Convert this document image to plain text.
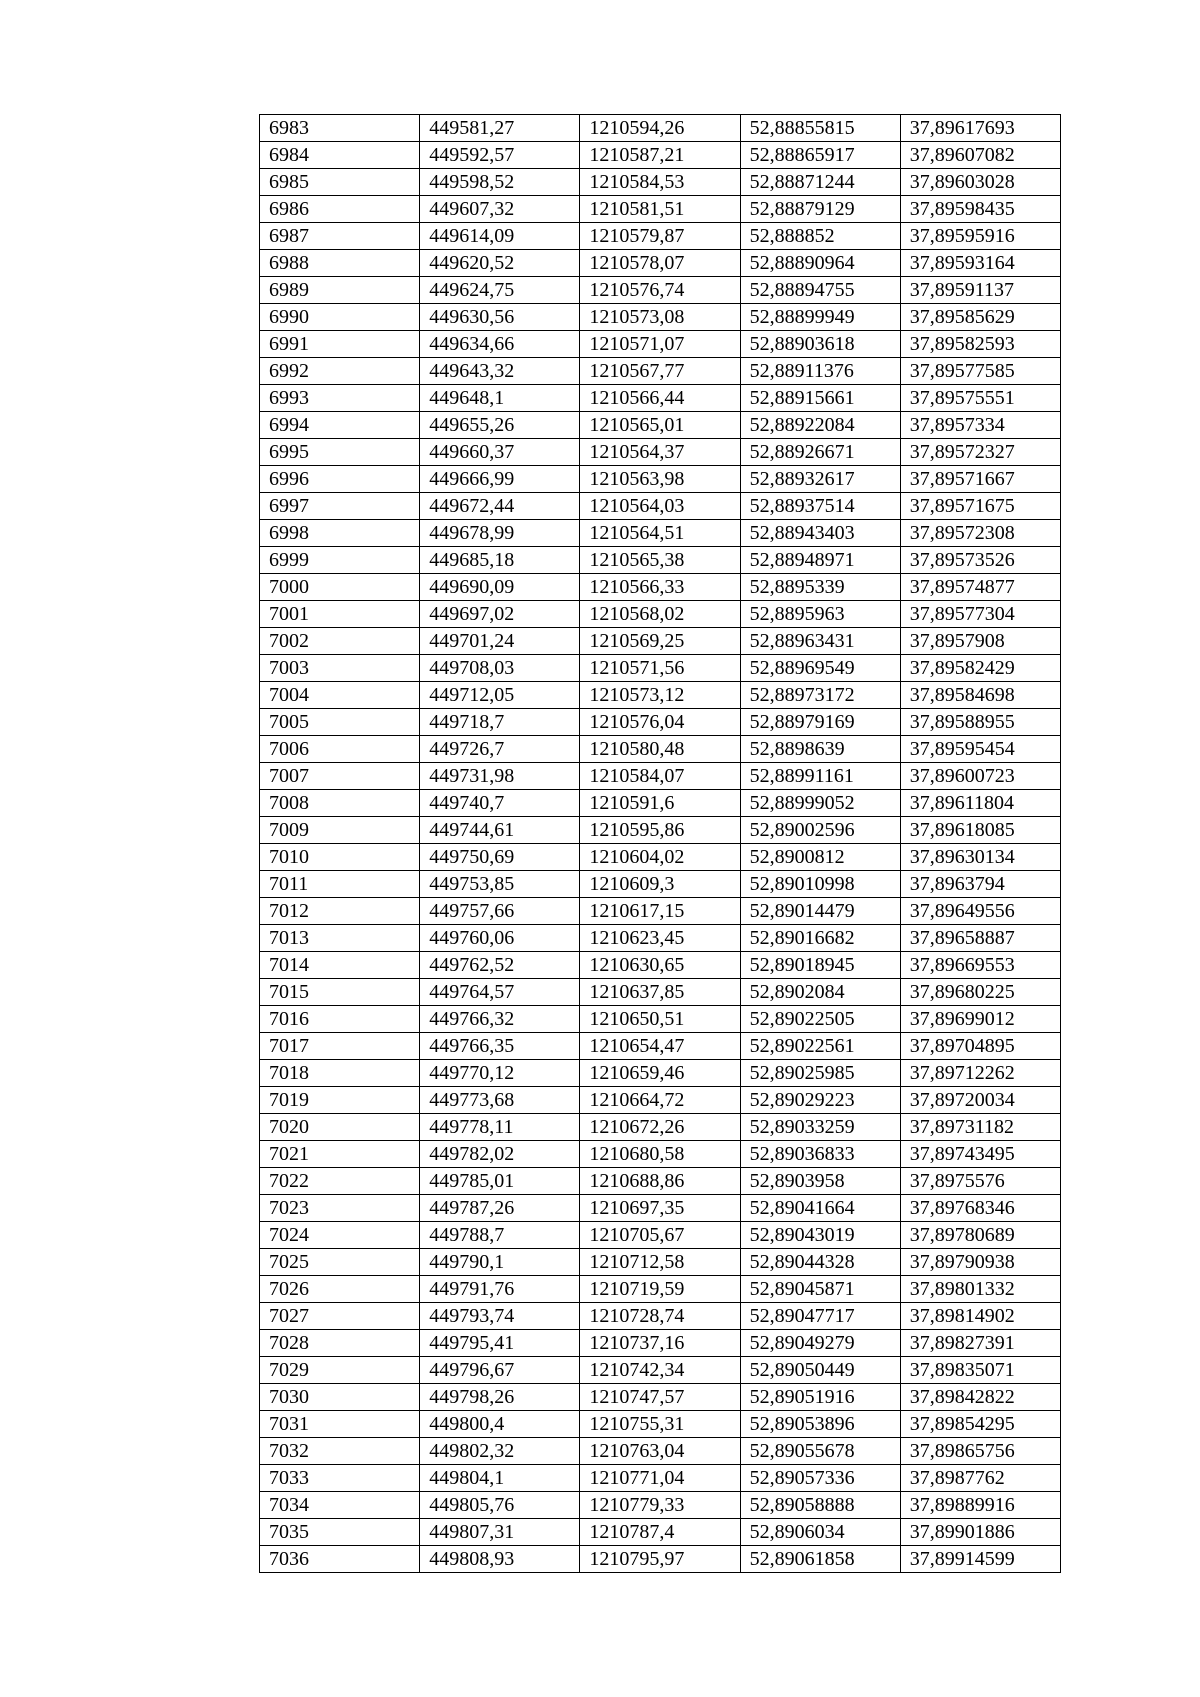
6983	449581,27	1210594,26	52,88855815	37,89617693
6984	449592,57	1210587,21	52,88865917	37,89607082
6985	449598,52	1210584,53	52,88871244	37,89603028
6986	449607,32	1210581,51	52,88879129	37,89598435
6987	449614,09	1210579,87	52,888852	37,89595916
6988	449620,52	1210578,07	52,88890964	37,89593164
6989	449624,75	1210576,74	52,88894755	37,89591137
6990	449630,56	1210573,08	52,88899949	37,89585629
6991	449634,66	1210571,07	52,88903618	37,89582593
6992	449643,32	1210567,77	52,88911376	37,89577585
6993	449648,1	1210566,44	52,88915661	37,89575551
6994	449655,26	1210565,01	52,88922084	37,8957334
6995	449660,37	1210564,37	52,88926671	37,89572327
6996	449666,99	1210563,98	52,88932617	37,89571667
6997	449672,44	1210564,03	52,88937514	37,89571675
6998	449678,99	1210564,51	52,88943403	37,89572308
6999	449685,18	1210565,38	52,88948971	37,89573526
7000	449690,09	1210566,33	52,8895339	37,89574877
7001	449697,02	1210568,02	52,8895963	37,89577304
7002	449701,24	1210569,25	52,88963431	37,8957908
7003	449708,03	1210571,56	52,88969549	37,89582429
7004	449712,05	1210573,12	52,88973172	37,89584698
7005	449718,7	1210576,04	52,88979169	37,89588955
7006	449726,7	1210580,48	52,8898639	37,89595454
7007	449731,98	1210584,07	52,88991161	37,89600723
7008	449740,7	1210591,6	52,88999052	37,89611804
7009	449744,61	1210595,86	52,89002596	37,89618085
7010	449750,69	1210604,02	52,8900812	37,89630134
7011	449753,85	1210609,3	52,89010998	37,8963794
7012	449757,66	1210617,15	52,89014479	37,89649556
7013	449760,06	1210623,45	52,89016682	37,89658887
7014	449762,52	1210630,65	52,89018945	37,89669553
7015	449764,57	1210637,85	52,8902084	37,89680225
7016	449766,32	1210650,51	52,89022505	37,89699012
7017	449766,35	1210654,47	52,89022561	37,89704895
7018	449770,12	1210659,46	52,89025985	37,89712262
7019	449773,68	1210664,72	52,89029223	37,89720034
7020	449778,11	1210672,26	52,89033259	37,89731182
7021	449782,02	1210680,58	52,89036833	37,89743495
7022	449785,01	1210688,86	52,8903958	37,8975576
7023	449787,26	1210697,35	52,89041664	37,89768346
7024	449788,7	1210705,67	52,89043019	37,89780689
7025	449790,1	1210712,58	52,89044328	37,89790938
7026	449791,76	1210719,59	52,89045871	37,89801332
7027	449793,74	1210728,74	52,89047717	37,89814902
7028	449795,41	1210737,16	52,89049279	37,89827391
7029	449796,67	1210742,34	52,89050449	37,89835071
7030	449798,26	1210747,57	52,89051916	37,89842822
7031	449800,4	1210755,31	52,89053896	37,89854295
7032	449802,32	1210763,04	52,89055678	37,89865756
7033	449804,1	1210771,04	52,89057336	37,8987762
7034	449805,76	1210779,33	52,89058888	37,89889916
7035	449807,31	1210787,4	52,8906034	37,89901886
7036	449808,93	1210795,97	52,89061858	37,89914599
